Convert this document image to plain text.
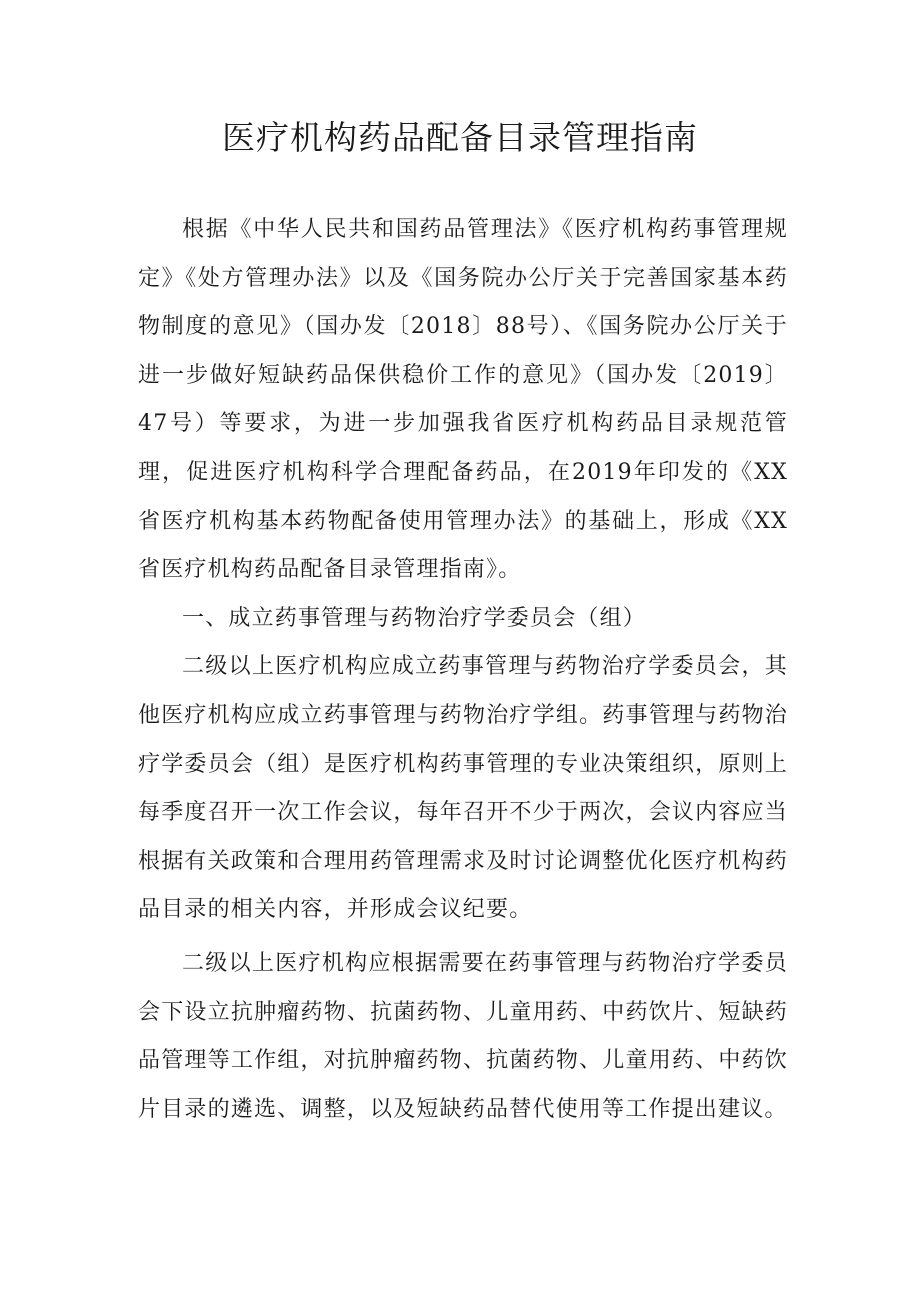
医疗机构药品配备目录管理指南

根据《中华人民共和国药品管理法》《医疗机构药事管理规定》《处方管理办法》以及《国务院办公厅关于完善国家基本药物制度的意见》（国办发〔2018〕88号）、《国务院办公厅关于进一步做好短缺药品保供稳价工作的意见》（国办发〔2019〕47号）等要求，为进一步加强我省医疗机构药品目录规范管理，促进医疗机构科学合理配备药品，在2019年印发的《XX省医疗机构基本药物配备使用管理办法》的基础上，形成《XX省医疗机构药品配备目录管理指南》。

一、成立药事管理与药物治疗学委员会（组）

二级以上医疗机构应成立药事管理与药物治疗学委员会，其他医疗机构应成立药事管理与药物治疗学组。药事管理与药物治疗学委员会（组）是医疗机构药事管理的专业决策组织，原则上每季度召开一次工作会议，每年召开不少于两次，会议内容应当根据有关政策和合理用药管理需求及时讨论调整优化医疗机构药品目录的相关内容，并形成会议纪要。

二级以上医疗机构应根据需要在药事管理与药物治疗学委员会下设立抗肿瘤药物、抗菌药物、儿童用药、中药饮片、短缺药品管理等工作组，对抗肿瘤药物、抗菌药物、儿童用药、中药饮片目录的遴选、调整，以及短缺药品替代使用等工作提出建议。
